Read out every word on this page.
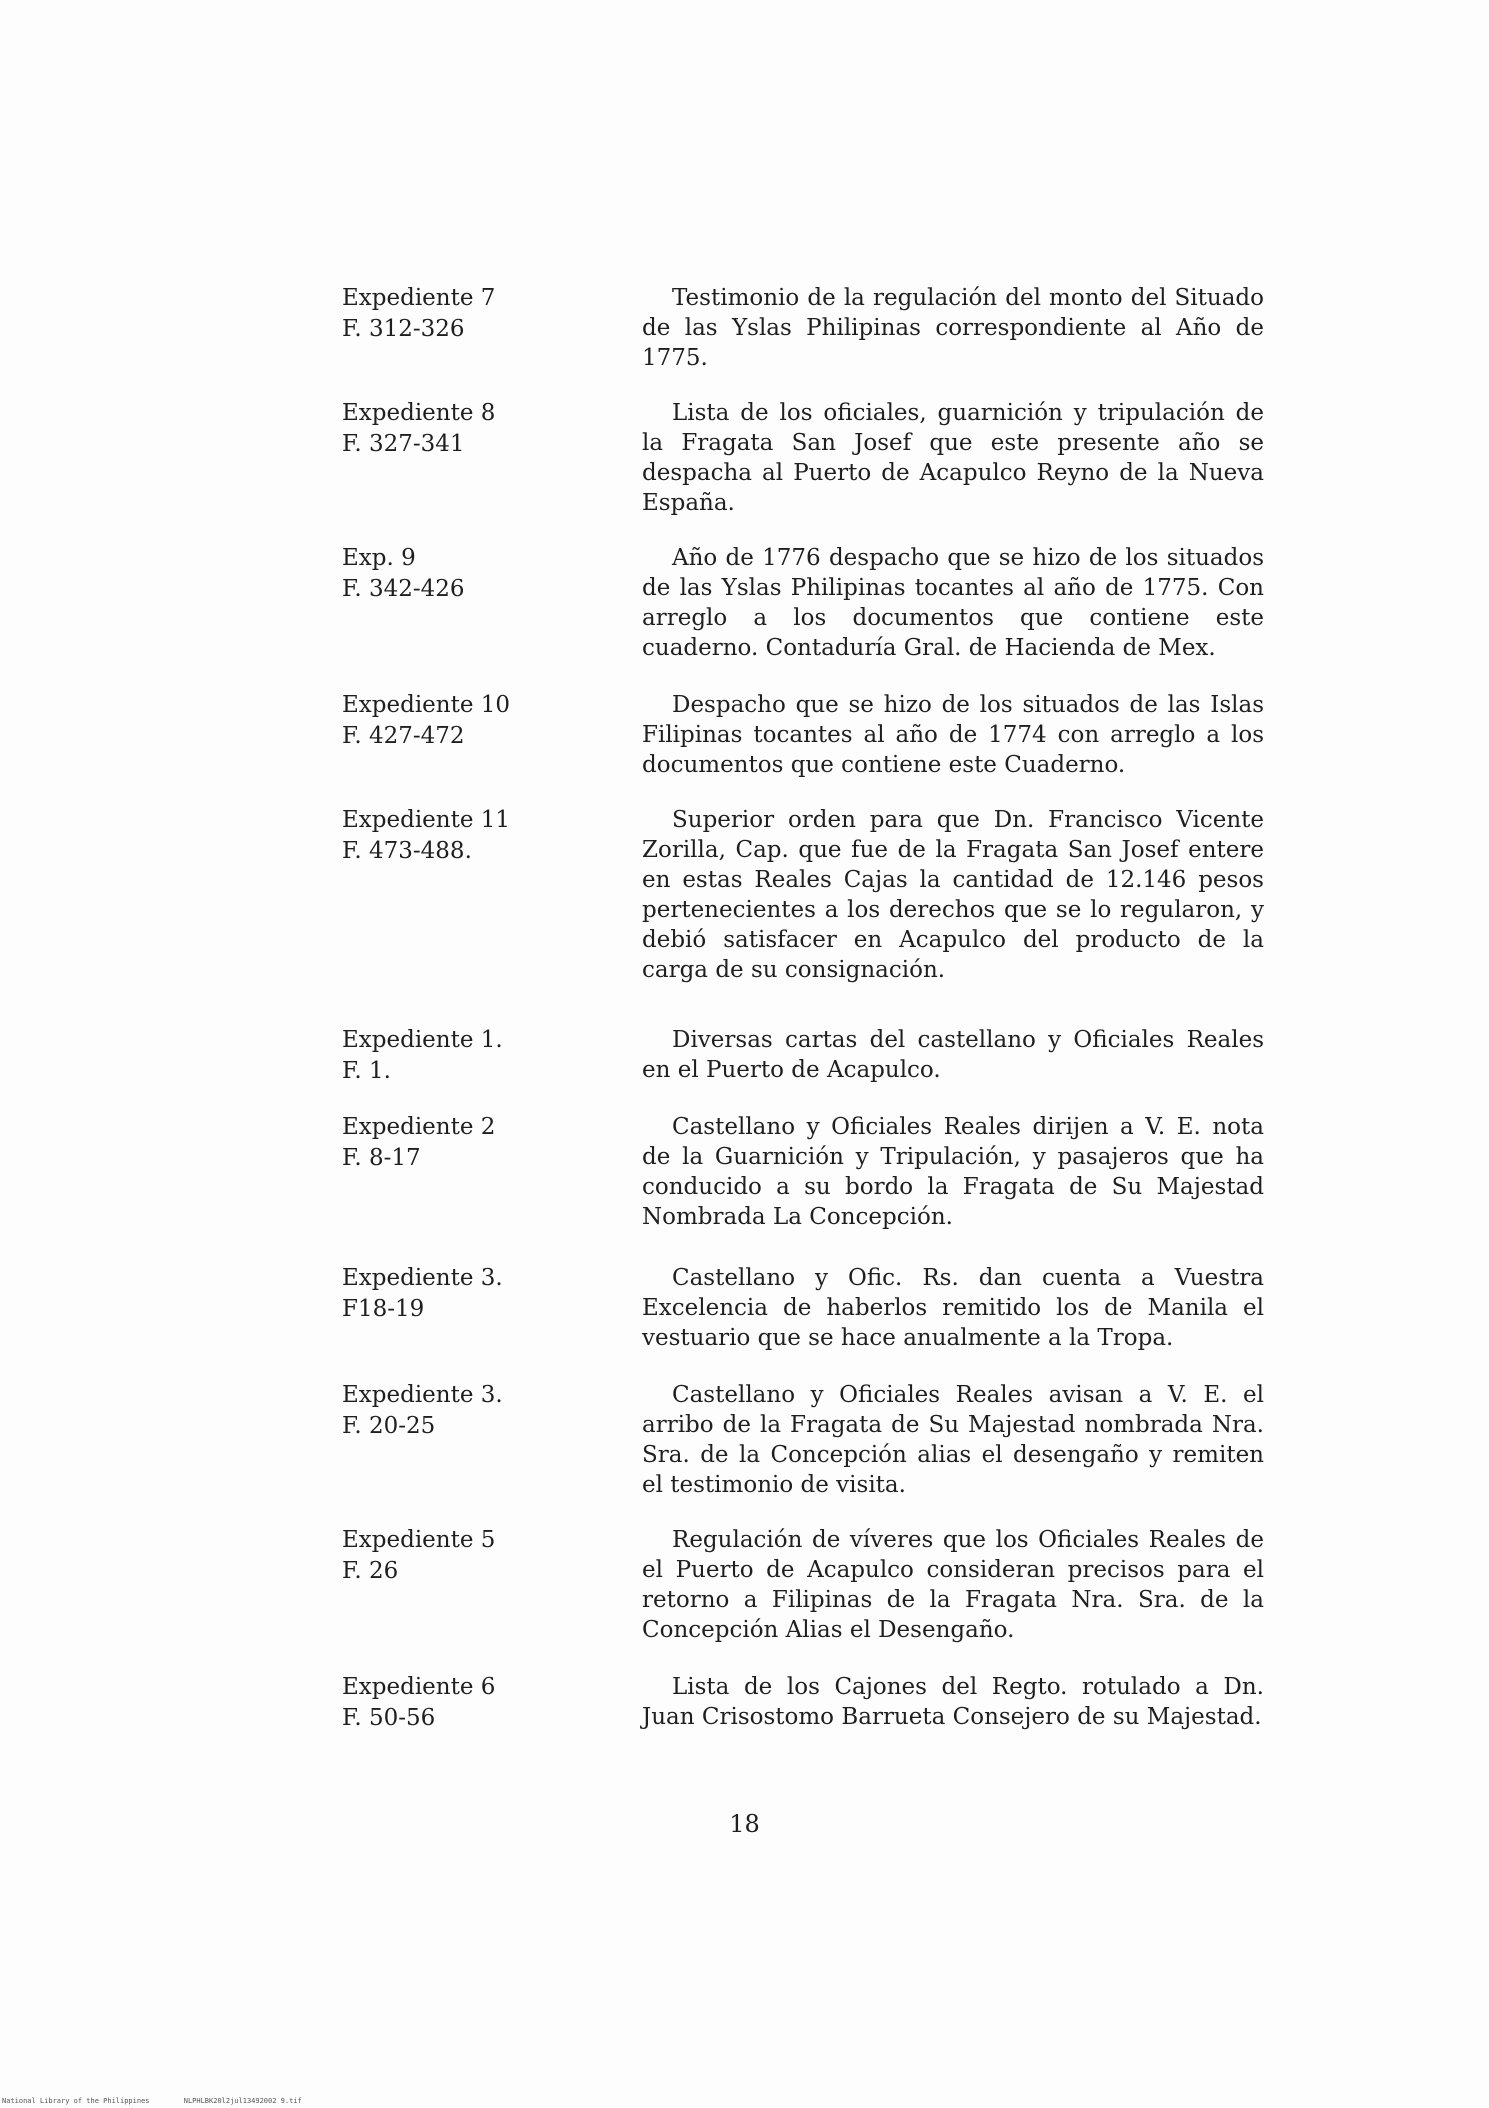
Expediente 7
F. 312-326
Testimonio de la regulación del monto del Situado de las Yslas Philipinas correspondiente al Año de 1775.
Expediente 8
F. 327-341
Lista de los oficiales, guarnición y tripulación de la Fragata San Josef que este presente año se despacha al Puerto de Acapulco Reyno de la Nueva España.
Exp. 9
F. 342-426
Año de 1776 despacho que se hizo de los situados de las Yslas Philipinas tocantes al año de 1775. Con arreglo a los documentos que contiene este cuaderno. Contaduría Gral. de Hacienda de Mex.
Expediente 10
F. 427-472
Despacho que se hizo de los situados de las Islas Filipinas tocantes al año de 1774 con arreglo a los documentos que contiene este Cuaderno.
Expediente 11
F. 473-488.
Superior orden para que Dn. Francisco Vicente Zorilla, Cap. que fue de la Fragata San Josef entere en estas Reales Cajas la cantidad de 12.146 pesos pertenecientes a los derechos que se lo regularon, y debió satisfacer en Acapulco del producto de la carga de su consignación.
Expediente 1.
F. 1.
Diversas cartas del castellano y Oficiales Reales en el Puerto de Acapulco.
Expediente 2
F. 8-17
Castellano y Oficiales Reales dirijen a V. E. nota de la Guarnición y Tripulación, y pasajeros que ha conducido a su bordo la Fragata de Su Majestad Nombrada La Concepción.
Expediente 3.
F18-19
Castellano y Ofic. Rs. dan cuenta a Vuestra Excelencia de haberlos remitido los de Manila el vestuario que se hace anualmente a la Tropa.
Expediente 3.
F. 20-25
Castellano y Oficiales Reales avisan a V. E. el arribo de la Fragata de Su Majestad nombrada Nra. Sra. de la Concepción alias el desengaño y remiten el testimonio de visita.
Expediente 5
F. 26
Regulación de víveres que los Oficiales Reales de el Puerto de Acapulco consideran precisos para el retorno a Filipinas de la Fragata Nra. Sra. de la Concepción Alias el Desengaño.
Expediente 6
F. 50-56
Lista de los Cajones del Regto. rotulado a Dn. Juan Crisostomo Barrueta Consejero de su Majestad.
18
National Library of the Philippines	NLPHLBK20l2jul13492002 9.tif
